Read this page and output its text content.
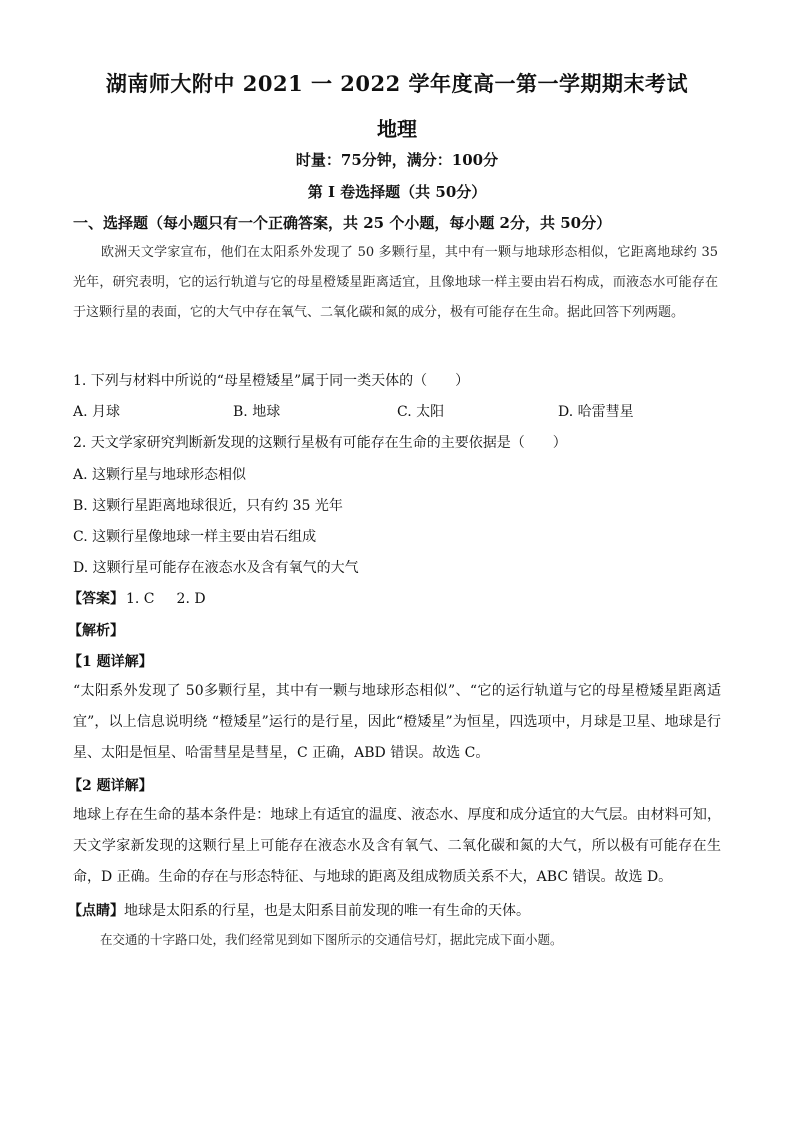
湖南师大附中 2021 一 2022 学年度高一第一学期期末考试
地理
时量：75分钟，满分：100分
第 I 卷选择题（共 50分）
一、选择题（每小题只有一个正确答案，共 25 个小题，每小题 2分，共 50分）
欧洲天文学家宣布，他们在太阳系外发现了 50 多颗行星，其中有一颗与地球形态相似，它距离地球约 35 光年，研究表明，它的运行轨道与它的母星橙矮星距离适宜，且像地球一样主要由岩石构成，而液态水可能存在于这颗行星的表面，它的大气中存在氧气、二氧化碳和氮的成分，极有可能存在生命。据此回答下列两题。
1. 下列与材料中所说的“母星橙矮星”属于同一类天体的（　　）
A. 月球	B. 地球	C. 太阳	D. 哈雷彗星
2. 天文学家研究判断新发现的这颗行星极有可能存在生命的主要依据是（　　）
A. 这颗行星与地球形态相似
B. 这颗行星距离地球很近，只有约 35 光年
C. 这颗行星像地球一样主要由岩石组成
D. 这颗行星可能存在液态水及含有氧气的大气
【答案】 1. C 2. D
【解析】
【1 题详解】
“太阳系外发现了 50多颗行星，其中有一颗与地球形态相似”、“它的运行轨道与它的母星橙矮星距离适宜”，以上信息说明绕 “橙矮星”运行的是行星，因此“橙矮星”为恒星，四选项中，月球是卫星、地球是行星、太阳是恒星、哈雷彗星是彗星，C 正确，ABD 错误。故选 C。
【2 题详解】
地球上存在生命的基本条件是：地球上有适宜的温度、液态水、厚度和成分适宜的大气层。由材料可知，天文学家新发现的这颗行星上可能存在液态水及含有氧气、二氧化碳和氮的大气，所以极有可能存在生命，D 正确。生命的存在与形态特征、与地球的距离及组成物质关系不大，ABC 错误。故选 D。
【点睛】地球是太阳系的行星，也是太阳系目前发现的唯一有生命的天体。
在交通的十字路口处，我们经常见到如下图所示的交通信号灯，据此完成下面小题。
